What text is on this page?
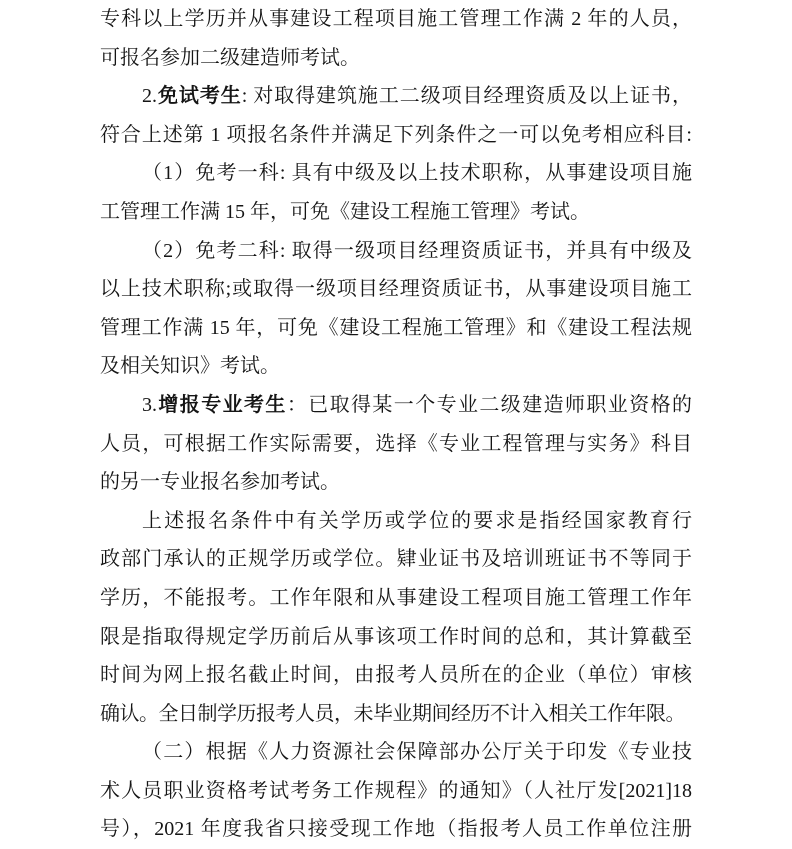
专科以上学历并从事建设工程项目施工管理工作满 2 年的人员，
可报名参加二级建造师考试。
2.免试考生: 对取得建筑施工二级项目经理资质及以上证书，
符合上述第 1 项报名条件并满足下列条件之一可以免考相应科目:
（1）免考一科: 具有中级及以上技术职称，从事建设项目施
工管理工作满 15 年，可免《建设工程施工管理》考试。
（2）免考二科: 取得一级项目经理资质证书，并具有中级及
以上技术职称;或取得一级项目经理资质证书，从事建设项目施工
管理工作满 15 年，可免《建设工程施工管理》和《建设工程法规
及相关知识》考试。
3.增报专业考生：已取得某一个专业二级建造师职业资格的
人员，可根据工作实际需要，选择《专业工程管理与实务》科目
的另一专业报名参加考试。
上述报名条件中有关学历或学位的要求是指经国家教育行
政部门承认的正规学历或学位。肄业证书及培训班证书不等同于
学历，不能报考。工作年限和从事建设工程项目施工管理工作年
限是指取得规定学历前后从事该项工作时间的总和，其计算截至
时间为网上报名截止时间，由报考人员所在的企业（单位）审核
确认。全日制学历报考人员，未毕业期间经历不计入相关工作年限。
（二）根据《人力资源社会保障部办公厅关于印发《专业技
术人员职业资格考试考务工作规程》的通知》（人社厅发[2021]18
号），2021 年度我省只接受现工作地（指报考人员工作单位注册
